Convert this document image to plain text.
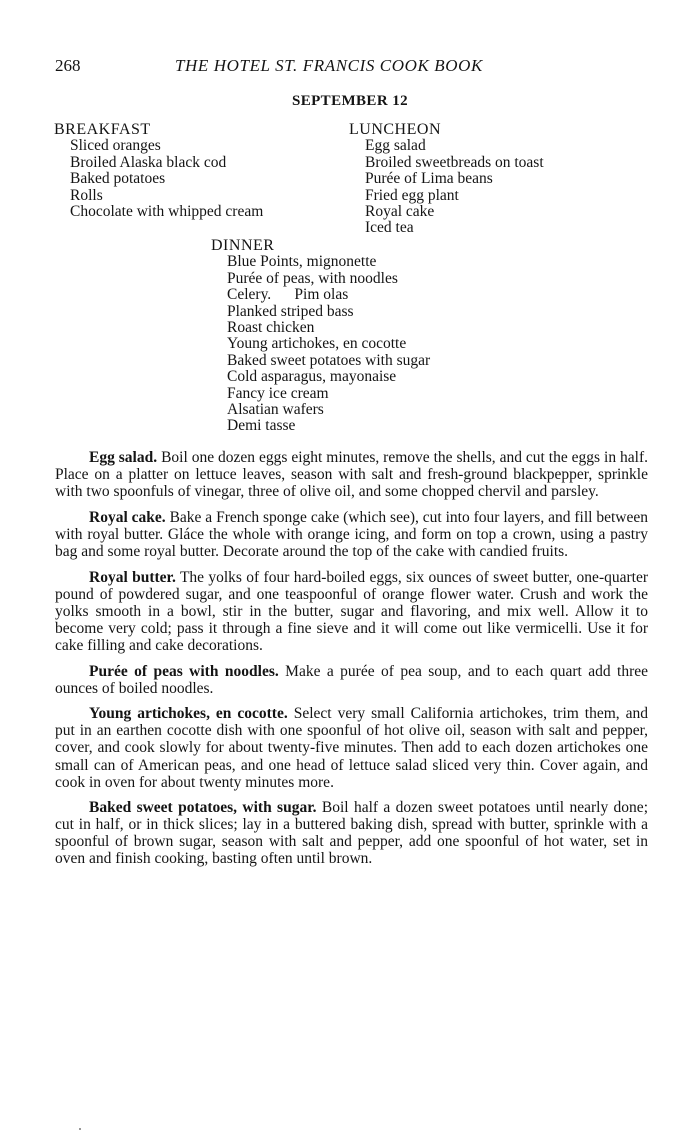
268	THE HOTEL ST. FRANCIS COOK BOOK
SEPTEMBER 12
BREAKFAST
Sliced oranges
Broiled Alaska black cod
Baked potatoes
Rolls
Chocolate with whipped cream
LUNCHEON
Egg salad
Broiled sweetbreads on toast
Purée of Lima beans
Fried egg plant
Royal cake
Iced tea
DINNER
Blue Points, mignonette
Purée of peas, with noodles
Celery.      Pim olas
Planked striped bass
Roast chicken
Young artichokes, en cocotte
Baked sweet potatoes with sugar
Cold asparagus, mayonaise
Fancy ice cream
Alsatian wafers
Demi tasse

Egg salad. Boil one dozen eggs eight minutes, remove the shells, and cut the eggs in half. Place on a platter on lettuce leaves, season with salt and fresh-ground blackpepper, sprinkle with two spoonfuls of vinegar, three of olive oil, and some chopped chervil and parsley.

Royal cake. Bake a French sponge cake (which see), cut into four layers, and fill between with royal butter. Gláce the whole with orange icing, and form on top a crown, using a pastry bag and some royal butter. Decorate around the top of the cake with candied fruits.

Royal butter. The yolks of four hard-boiled eggs, six ounces of sweet butter, one-quarter pound of powdered sugar, and one teaspoonful of orange flower water. Crush and work the yolks smooth in a bowl, stir in the butter, sugar and flavoring, and mix well. Allow it to become very cold; pass it through a fine sieve and it will come out like vermicelli. Use it for cake filling and cake decorations.

Purée of peas with noodles. Make a purée of pea soup, and to each quart add three ounces of boiled noodles.

Young artichokes, en cocotte. Select very small California artichokes, trim them, and put in an earthen cocotte dish with one spoonful of hot olive oil, season with salt and pepper, cover, and cook slowly for about twenty-five minutes. Then add to each dozen artichokes one small can of American peas, and one head of lettuce salad sliced very thin. Cover again, and cook in oven for about twenty minutes more.

Baked sweet potatoes, with sugar. Boil half a dozen sweet potatoes until nearly done; cut in half, or in thick slices; lay in a buttered baking dish, spread with butter, sprinkle with a spoonful of brown sugar, season with salt and pepper, add one spoonful of hot water, set in oven and finish cooking, basting often until brown.
